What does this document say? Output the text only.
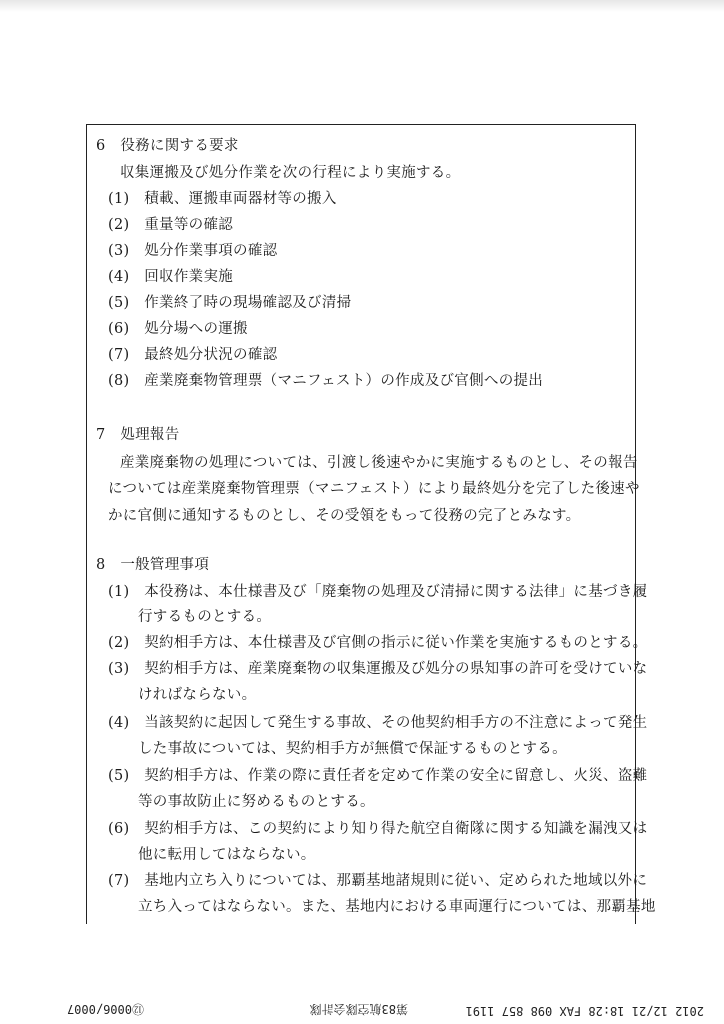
6　役務に関する要求
収集運搬及び処分作業を次の行程により実施する。
(1)　積載、運搬車両器材等の搬入
(2)　重量等の確認
(3)　処分作業事項の確認
(4)　回収作業実施
(5)　作業終了時の現場確認及び清掃
(6)　処分場への運搬
(7)　最終処分状況の確認
(8)　産業廃棄物管理票（マニフェスト）の作成及び官側への提出
7　処理報告
産業廃棄物の処理については、引渡し後速やかに実施するものとし、その報告
については産業廃棄物管理票（マニフェスト）により最終処分を完了した後速や
かに官側に通知するものとし、その受領をもって役務の完了とみなす。
8　一般管理事項
(1)　本役務は、本仕様書及び「廃棄物の処理及び清掃に関する法律」に基づき履
行するものとする。
(2)　契約相手方は、本仕様書及び官側の指示に従い作業を実施するものとする。
(3)　契約相手方は、産業廃棄物の収集運搬及び処分の県知事の許可を受けていな
ければならない。
(4)　当該契約に起因して発生する事故、その他契約相手方の不注意によって発生
した事故については、契約相手方が無償で保証するものとする。
(5)　契約相手方は、作業の際に責任者を定めて作業の安全に留意し、火災、盗難
等の事故防止に努めるものとする。
(6)　契約相手方は、この契約により知り得た航空自衛隊に関する知識を漏洩又は
他に転用してはならない。
(7)　基地内立ち入りについては、那覇基地諸規則に従い、定められた地域以外に
立ち入ってはならない。また、基地内における車両運行については、那覇基地
2012 12/21 18:28 FAX 098 857 1191
第83航空隊会計隊
⑫0006/0007
